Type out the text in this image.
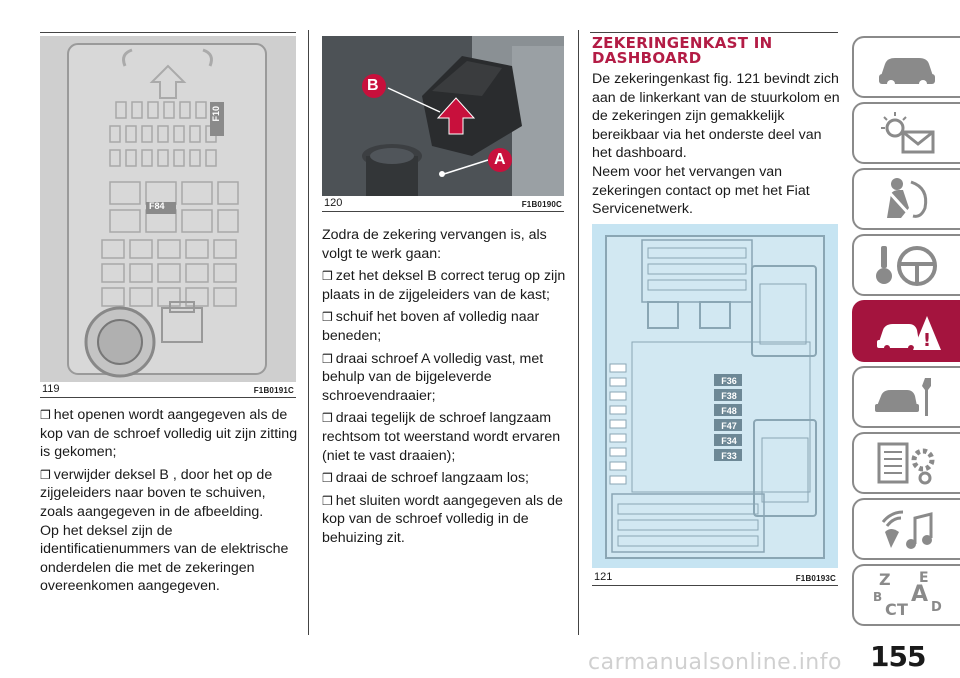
F10
F84
119	F1B0191C

❒ het openen wordt aangegeven als de kop van de schroef volledig uit zijn zitting is gekomen;

❒ verwijder deksel B , door het op de zijgeleiders naar boven te schuiven, zoals aangegeven in de afbeelding.

Op het deksel zijn de identificatienummers van de elektrische onderdelen die met de zekeringen overeenkomen aangegeven.

B
A
120	F1B0190C

Zodra de zekering vervangen is, als volgt te werk gaan:

❒ zet het deksel B correct terug op zijn plaats in de zijgeleiders van de kast;

❒ schuif het boven af volledig naar beneden;

❒ draai schroef A volledig vast, met behulp van de bijgeleverde schroevendraaier;

❒ draai tegelijk de schroef langzaam rechtsom tot weerstand wordt ervaren (niet te vast draaien);

❒ draai de schroef langzaam los;

❒ het sluiten wordt aangegeven als de kop van de schroef volledig in de behuizing zit.

ZEKERINGENKAST IN
DASHBOARD

De zekeringenkast fig. 121 bevindt zich aan de linkerkant van de stuurkolom en de zekeringen zijn gemakkelijk bereikbaar via het onderste deel van het dashboard.

Neem voor het vervangen van zekeringen contact op met het Fiat Servicenetwerk.

F36
F38
F48
F47
F34
F33
121	F1B0193C
!
Z E
B A
C	D
T
155
carmanualsonline.info
